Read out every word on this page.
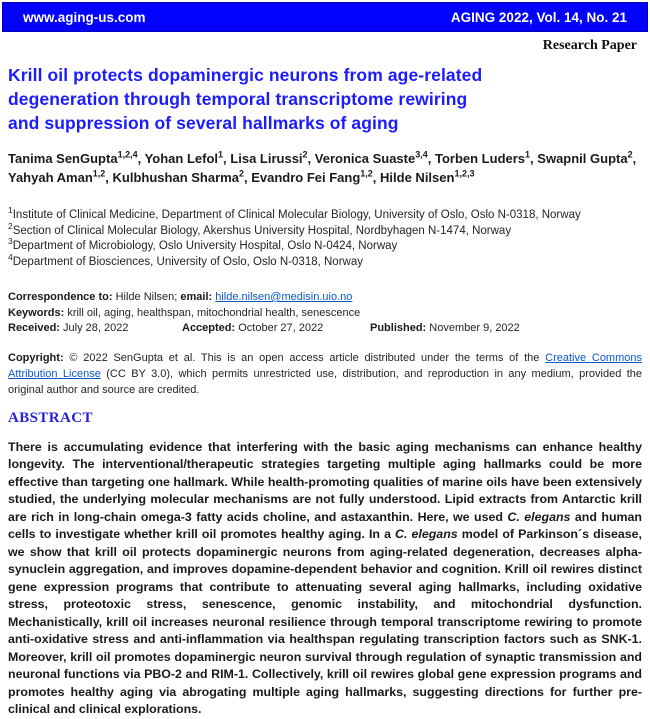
www.aging-us.com	AGING 2022, Vol. 14, No. 21
Research Paper
Krill oil protects dopaminergic neurons from age-related
degeneration through temporal transcriptome rewiring
and suppression of several hallmarks of aging

Tanima SenGupta$^{1,2,4}$, Yohan Lefol$^1$, Lisa Lirussi$^2$, Veronica Suaste$^{3,4}$, Torben Luders$^1$, Swapnil Gupta$^2$, Yahyah Aman$^{1,2}$, Kulbhushan Sharma$^2$, Evandro Fei Fang$^{1,2}$, Hilde Nilsen$^{1,2,3}$

$^1$Institute of Clinical Medicine, Department of Clinical Molecular Biology, University of Oslo, Oslo N-0318, Norway
$^2$Section of Clinical Molecular Biology, Akershus University Hospital, Nordbyhagen N-1474, Norway
$^3$Department of Microbiology, Oslo University Hospital, Oslo N-0424, Norway
$^4$Department of Biosciences, University of Oslo, Oslo N-0318, Norway
Correspondence to: Hilde Nilsen; email: hilde.nilsen@medisin.uio.no
Keywords: krill oil, aging, healthspan, mitochondrial health, senescence
Received: July 28, 2022	Accepted: October 27, 2022	Published: November 9, 2022

Copyright: © 2022 SenGupta et al. This is an open access article distributed under the terms of the Creative Commons Attribution License (CC BY 3.0), which permits unrestricted use, distribution, and reproduction in any medium, provided the original author and source are credited.

ABSTRACT

There is accumulating evidence that interfering with the basic aging mechanisms can enhance healthy longevity. The interventional/therapeutic strategies targeting multiple aging hallmarks could be more effective than targeting one hallmark. While health-promoting qualities of marine oils have been extensively studied, the underlying molecular mechanisms are not fully understood. Lipid extracts from Antarctic krill are rich in long-chain omega-3 fatty acids choline, and astaxanthin. Here, we used C. elegans and human cells to investigate whether krill oil promotes healthy aging. In a C. elegans model of Parkinson´s disease, we show that krill oil protects dopaminergic neurons from aging-related degeneration, decreases alpha-synuclein aggregation, and improves dopamine-dependent behavior and cognition. Krill oil rewires distinct gene expression programs that contribute to attenuating several aging hallmarks, including oxidative stress, proteotoxic stress, senescence, genomic instability, and mitochondrial dysfunction. Mechanistically, krill oil increases neuronal resilience through temporal transcriptome rewiring to promote anti-oxidative stress and anti-inflammation via healthspan regulating transcription factors such as SNK-1. Moreover, krill oil promotes dopaminergic neuron survival through regulation of synaptic transmission and neuronal functions via PBO-2 and RIM-1. Collectively, krill oil rewires global gene expression programs and promotes healthy aging via abrogating multiple aging hallmarks, suggesting directions for further pre-clinical and clinical explorations.
